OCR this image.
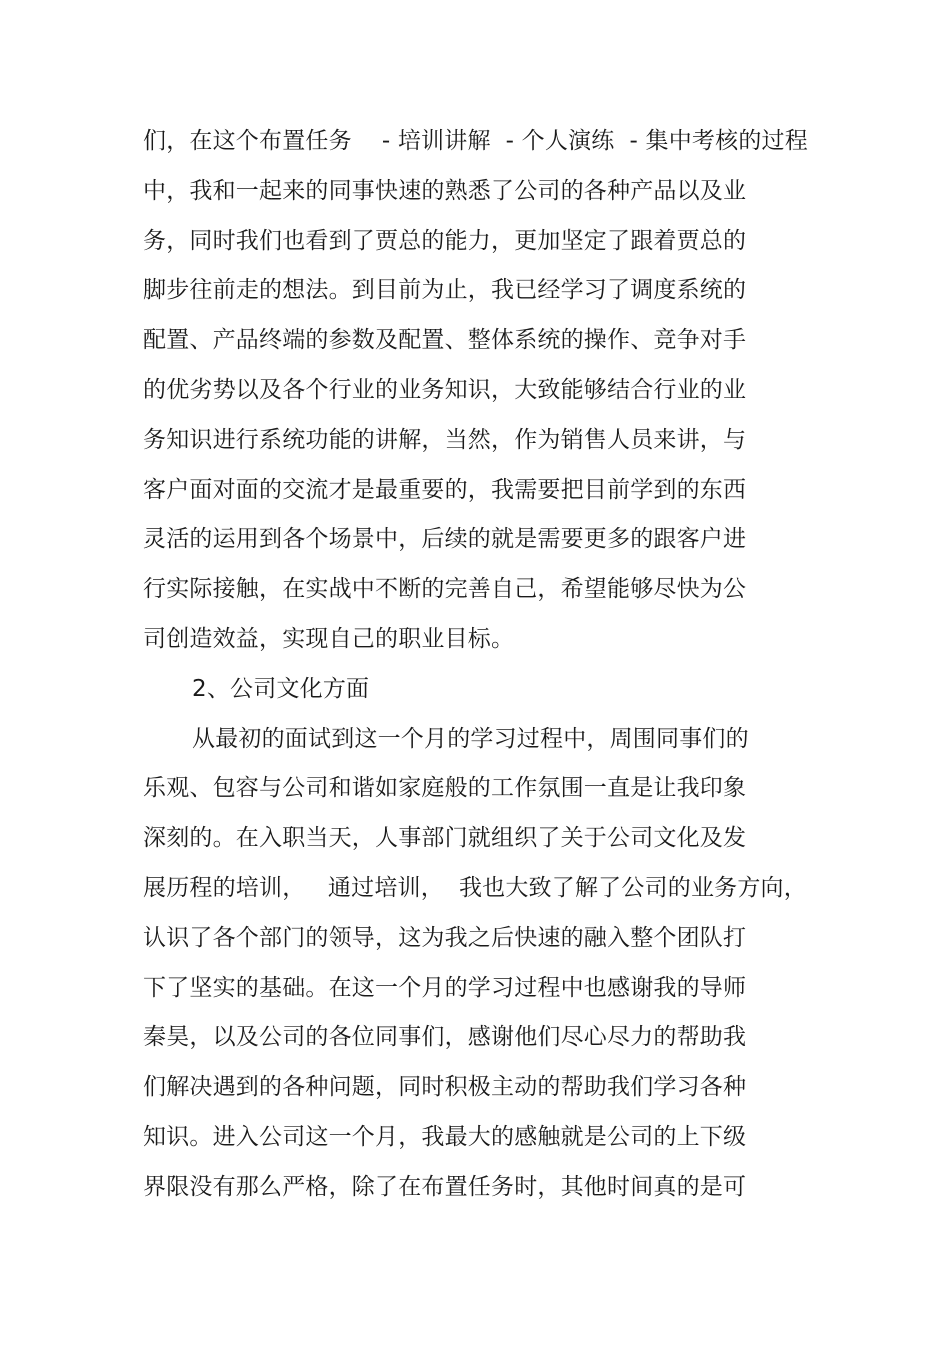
们，在这个布置任务    - 培训讲解  - 个人演练  - 集中考核的过程
中，我和一起来的同事快速的熟悉了公司的各种产品以及业
务，同时我们也看到了贾总的能力，更加坚定了跟着贾总的
脚步往前走的想法。到目前为止，我已经学习了调度系统的
配置、产品终端的参数及配置、整体系统的操作、竞争对手
的优劣势以及各个行业的业务知识，大致能够结合行业的业
务知识进行系统功能的讲解，当然，作为销售人员来讲，与
客户面对面的交流才是最重要的，我需要把目前学到的东西
灵活的运用到各个场景中，后续的就是需要更多的跟客户进
行实际接触，在实战中不断的完善自己，希望能够尽快为公
司创造效益，实现自己的职业目标。
2、公司文化方面
从最初的面试到这一个月的学习过程中，周围同事们的
乐观、包容与公司和谐如家庭般的工作氛围一直是让我印象
深刻的。在入职当天，人事部门就组织了关于公司文化及发
展历程的培训，   通过培训，  我也大致了解了公司的业务方向，
认识了各个部门的领导，这为我之后快速的融入整个团队打
下了坚实的基础。在这一个月的学习过程中也感谢我的导师
秦昊，以及公司的各位同事们，感谢他们尽心尽力的帮助我
们解决遇到的各种问题，同时积极主动的帮助我们学习各种
知识。进入公司这一个月，我最大的感触就是公司的上下级
界限没有那么严格，除了在布置任务时，其他时间真的是可
